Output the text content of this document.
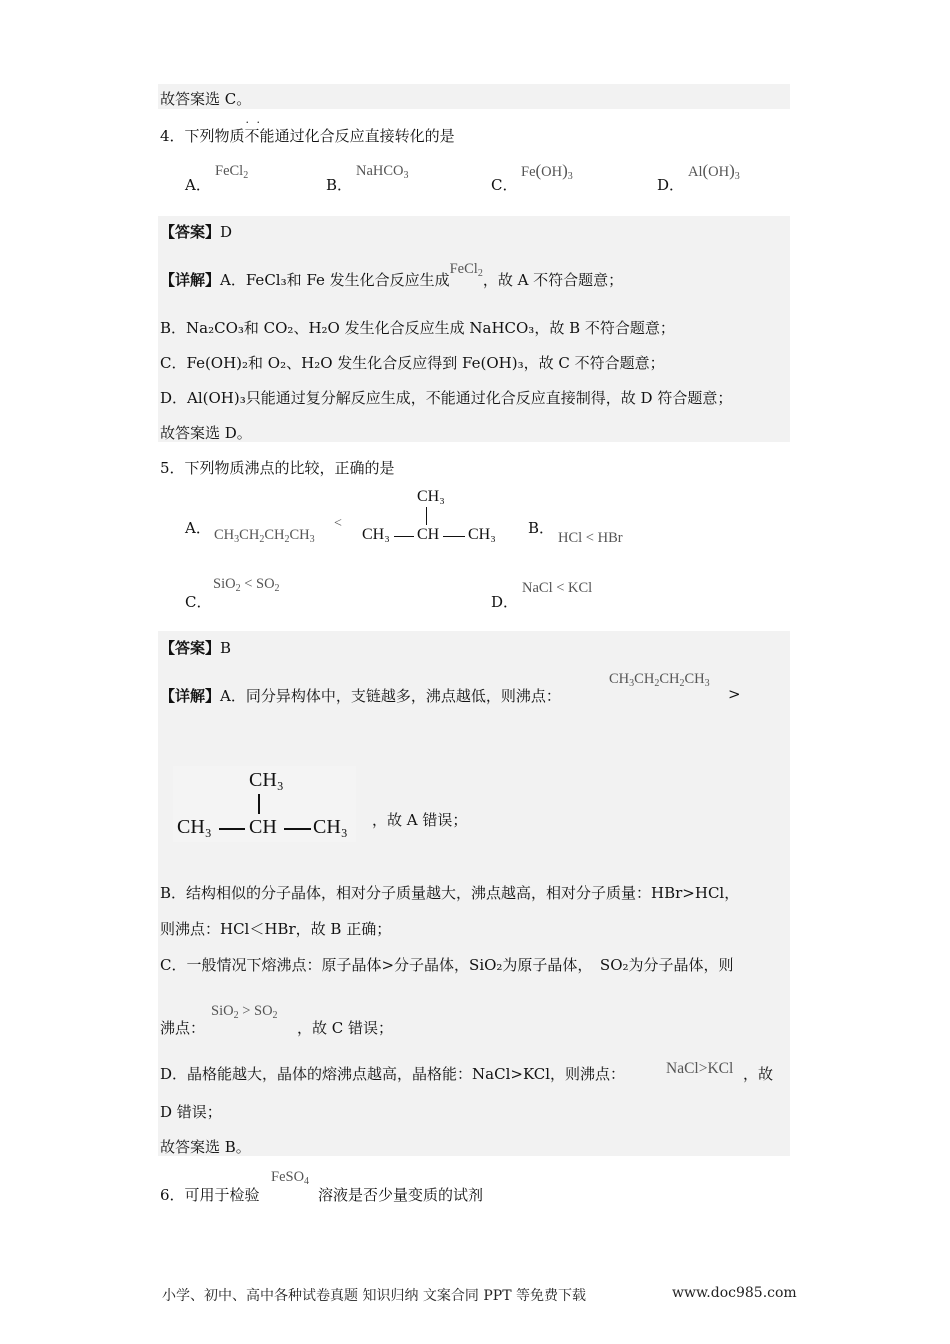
故答案选 C。
4．下列物质· · 不能通过化合反应直接转化的是
A．
FeCl$_2$
B．
NaHCO$_3$
C．
$Fe(OH)_3$	D．
$Al(OH)_3$
【答案】D
【详解】A．FeCl₃和 Fe 发生化合反应生成FeCl$_2$，故 A 不符合题意；
B．Na₂CO₃和 CO₂、H₂O 发生化合反应生成 NaHCO₃，故 B 不符合题意；
C．Fe(OH)₂和 O₂、H₂O 发生化合反应得到 Fe(OH)₃，故 C 不符合题意；
D．Al(OH)₃只能通过复分解反应生成，不能通过化合反应直接制得，故 D 符合题意；
故答案选 D。
5．下列物质沸点的比较，正确的是
A． $CH_3CH_2CH_2CH_3$
<
CH₃
CH₃ CH CH₃ B．
HCl < HBr
C．
$SiO_2 < SO_2$
D．
NaCl < KCl
【答案】B
【详解】A．同分异构体中，支链越多，沸点越低，则沸点：
$CH_3CH_2CH_2CH_3$
>
CH₃
CH₃ CH CH₃ ，故 A 错误；
B．结构相似的分子晶体，相对分子质量越大，沸点越高，相对分子质量：HBr>HCl，
则沸点：HCl＜HBr，故 B 正确；
C．一般情况下熔沸点：原子晶体>分子晶体，SiO₂为原子晶体，　SO₂为分子晶体，则
沸点：
$SiO_2 > SO_2$
，故 C 错误；
D．晶格能越大，晶体的熔沸点越高，晶格能：NaCl>KCl，则沸点：	NaCl>KCl ，故
D 错误；
故答案选 B。
6．可用于检验
FeSO$_4$
溶液是否少量变质的试剂
小学、初中、高中各种试卷真题 知识归纳 文案合同 PPT 等免费下载	www.doc985.com
